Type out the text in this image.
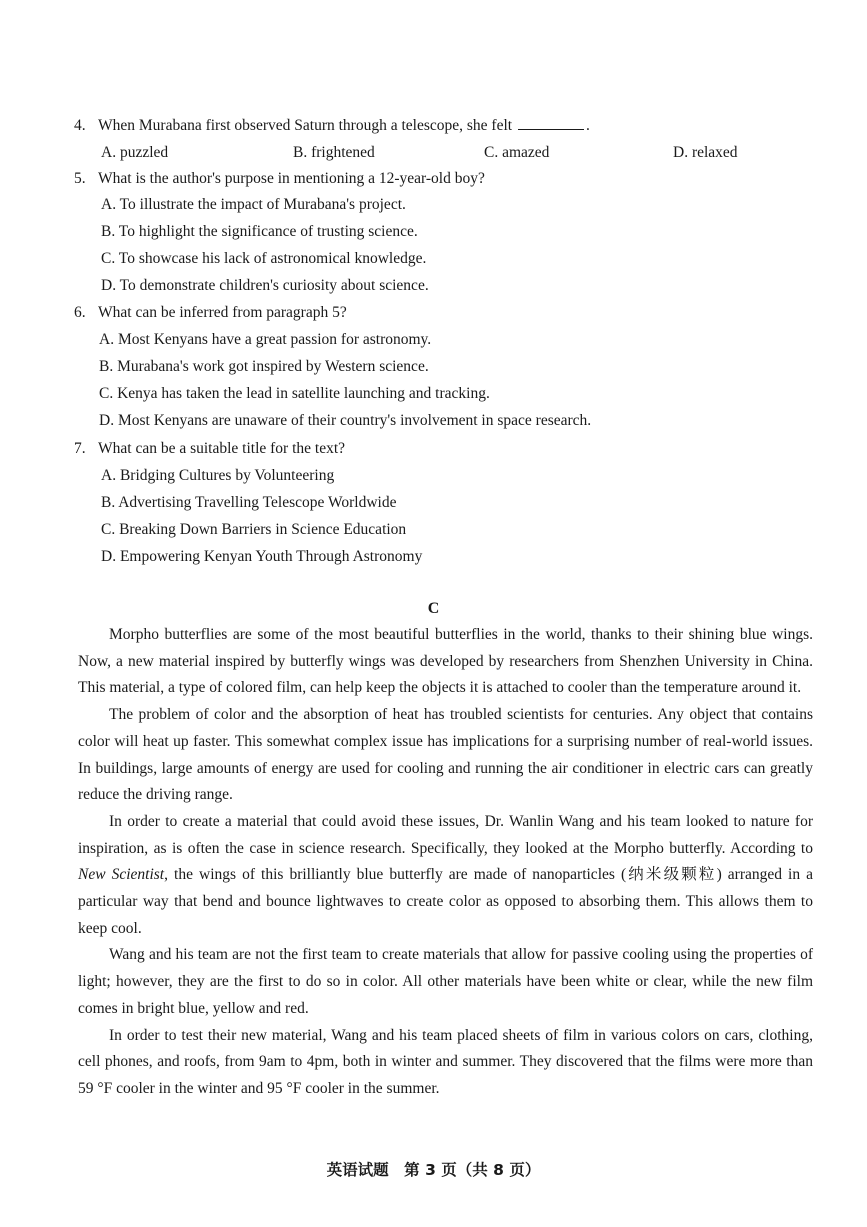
4. When Murabana first observed Saturn through a telescope, she felt	.
A. puzzled	B. frightened	C. amazed	D. relaxed
5. What is the author's purpose in mentioning a 12-year-old boy?
A. To illustrate the impact of Murabana's project.
B. To highlight the significance of trusting science.
C. To showcase his lack of astronomical knowledge.
D. To demonstrate children's curiosity about science.
6. What can be inferred from paragraph 5?
A. Most Kenyans have a great passion for astronomy.
B. Murabana's work got inspired by Western science.
C. Kenya has taken the lead in satellite launching and tracking.
D. Most Kenyans are unaware of their country's involvement in space research.
7. What can be a suitable title for the text?
A. Bridging Cultures by Volunteering
B. Advertising Travelling Telescope Worldwide
C. Breaking Down Barriers in Science Education
D. Empowering Kenyan Youth Through Astronomy
C

Morpho butterflies are some of the most beautiful butterflies in the world, thanks to their shining blue wings. Now, a new material inspired by butterfly wings was developed by researchers from Shenzhen University in China. This material, a type of colored film, can help keep the objects it is attached to cooler than the temperature around it.

The problem of color and the absorption of heat has troubled scientists for centuries. Any object that contains color will heat up faster. This somewhat complex issue has implications for a surprising number of real-world issues. In buildings, large amounts of energy are used for cooling and running the air conditioner in electric cars can greatly reduce the driving range.

In order to create a material that could avoid these issues, Dr. Wanlin Wang and his team looked to nature for inspiration, as is often the case in science research. Specifically, they looked at the Morpho butterfly. According to New Scientist, the wings of this brilliantly blue butterfly are made of nanoparticles (纳米级颗粒) arranged in a particular way that bend and bounce lightwaves to create color as opposed to absorbing them. This allows them to keep cool.

Wang and his team are not the first team to create materials that allow for passive cooling using the properties of light; however, they are the first to do so in color. All other materials have been white or clear, while the new film comes in bright blue, yellow and red.

In order to test their new material, Wang and his team placed sheets of film in various colors on cars, clothing, cell phones, and roofs, from 9am to 4pm, both in winter and summer. They discovered that the films were more than 59 °F cooler in the winter and 95 °F cooler in the summer.

英语试题　第 3 页（共 8 页）
